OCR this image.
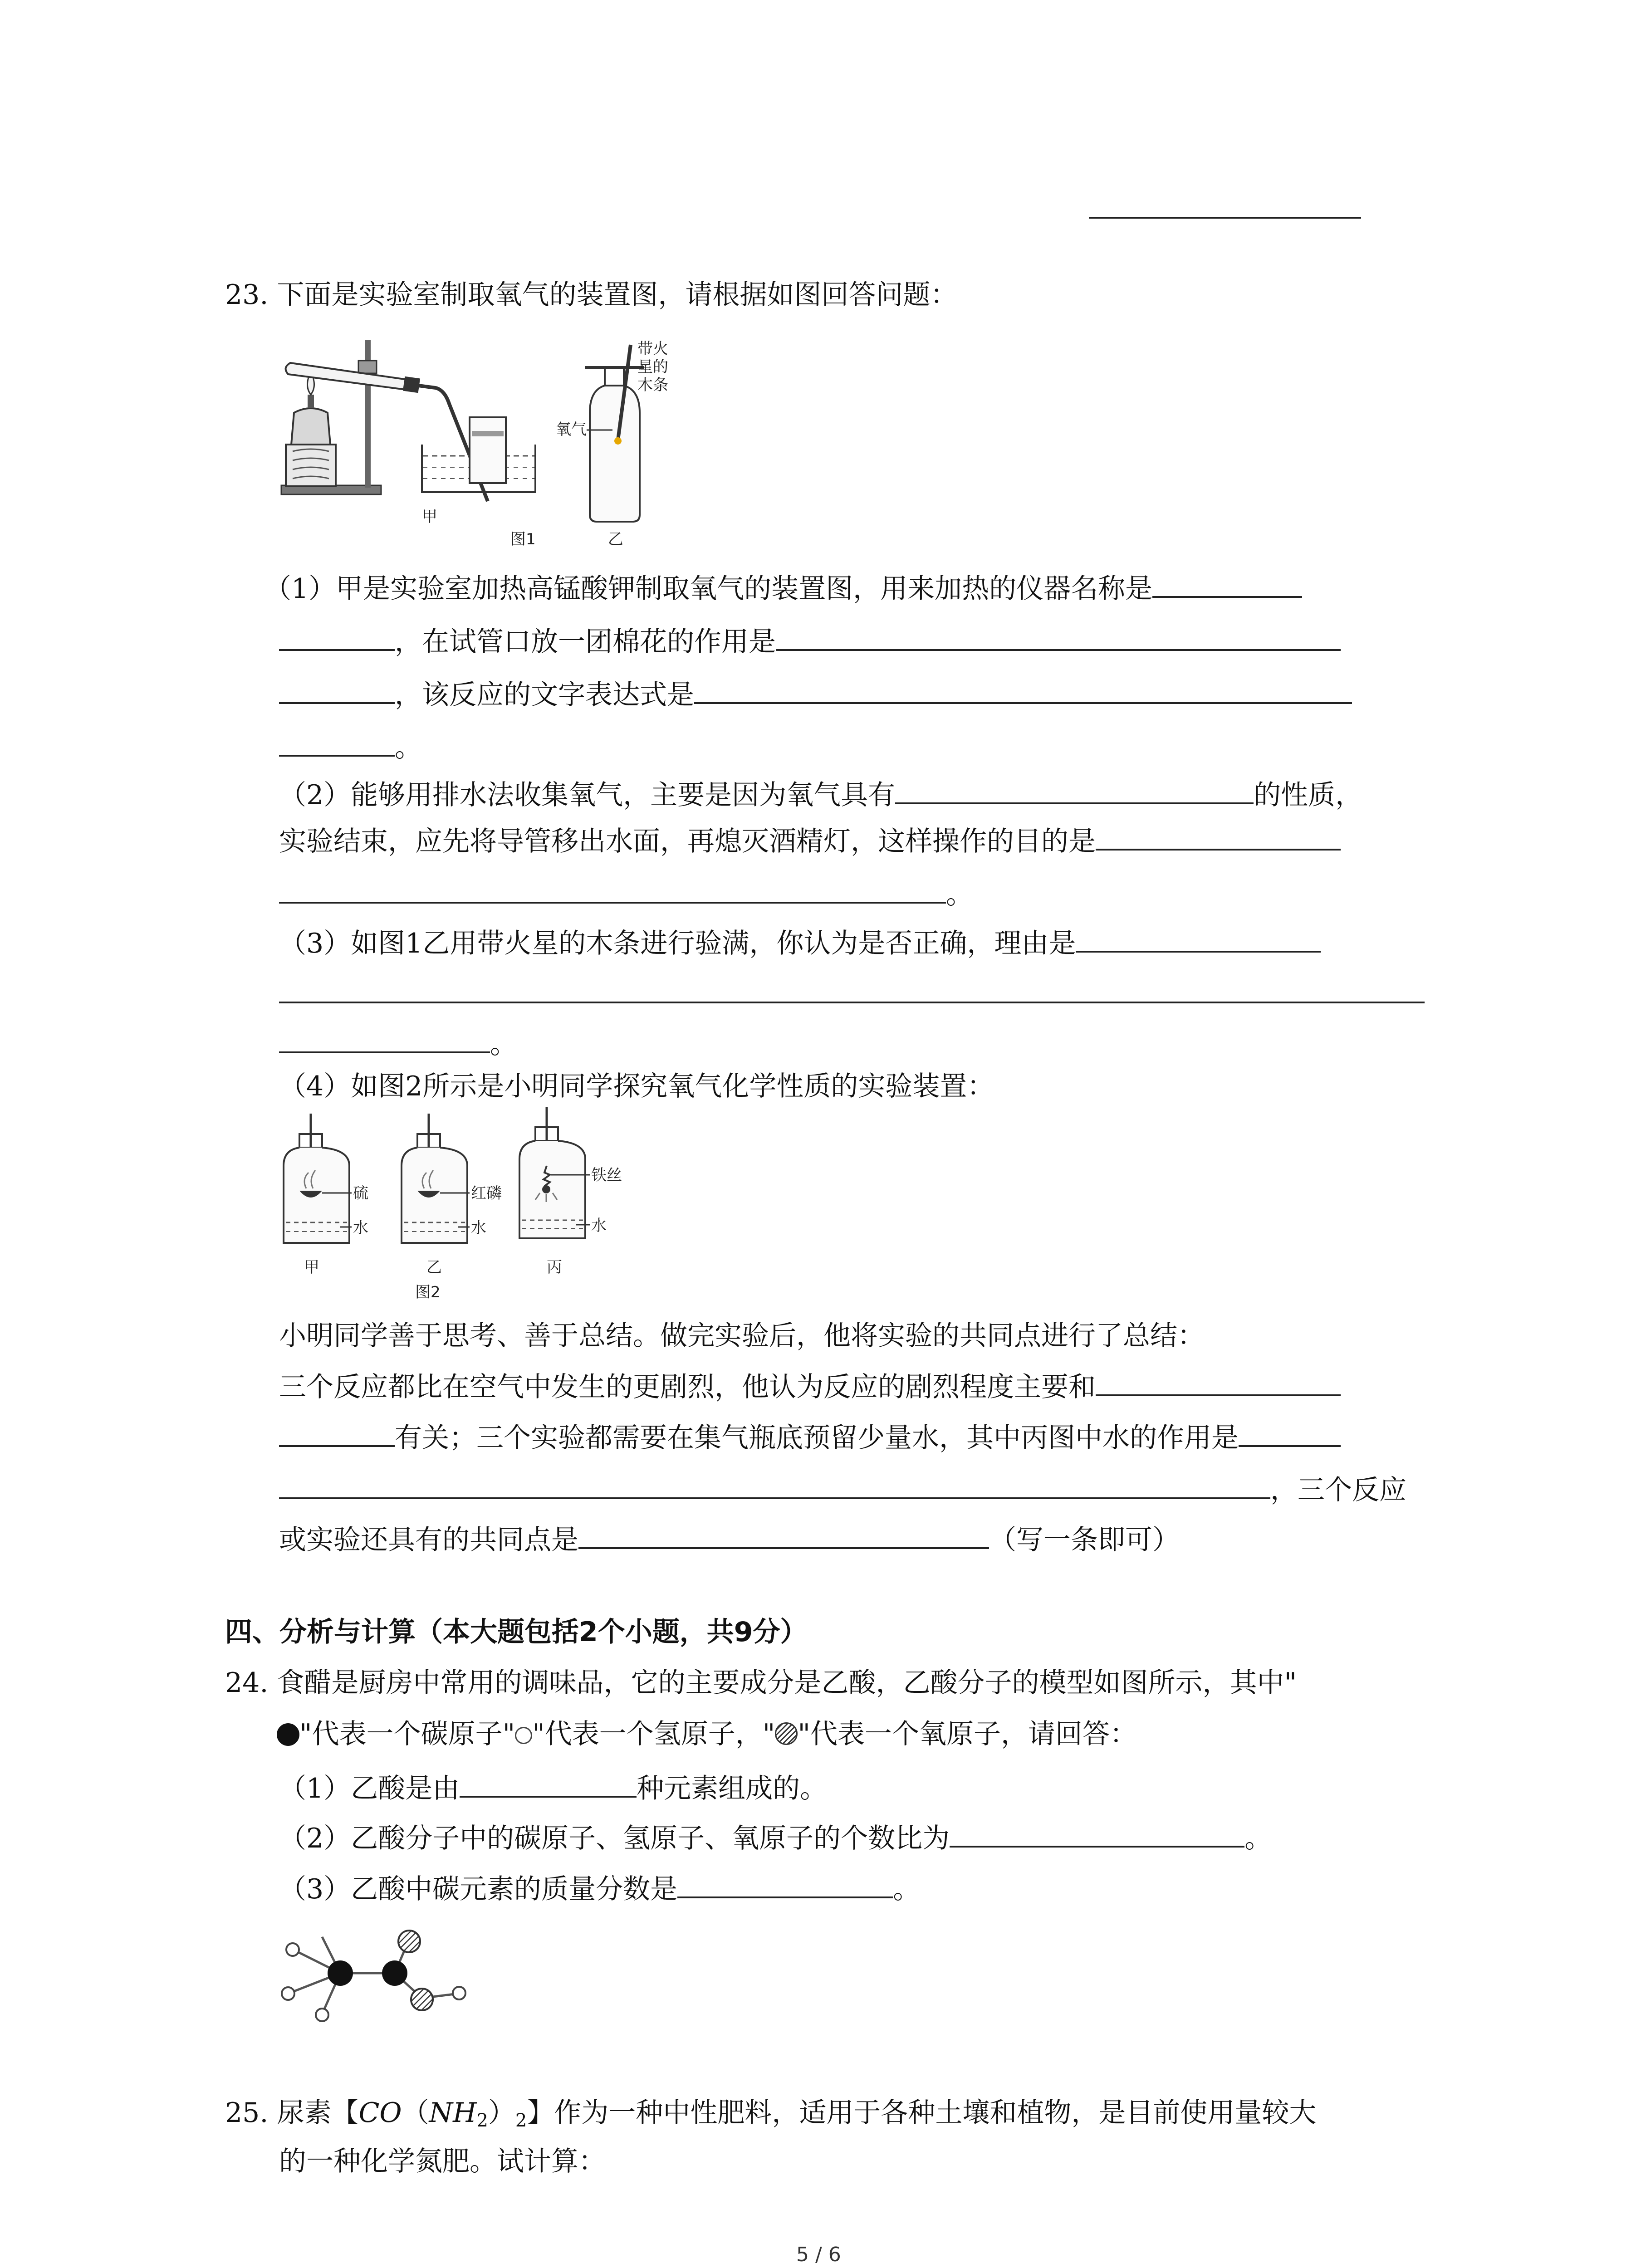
23. 下面是实验室制取氧气的装置图，请根据如图回答问题：
氧气
带火
星的
木条
甲
乙
图1
（1）甲是实验室加热高锰酸钾制取氧气的装置图，用来加热的仪器名称是
，在试管口放一团棉花的作用是
，该反应的文字表达式是
。
（2）能够用排水法收集氧气，主要是因为氧气具有	的性质，
实验结束，应先将导管移出水面，再熄灭酒精灯，这样操作的目的是
。
（3）如图1乙用带火星的木条进行验满，你认为是否正确，理由是
。
（4）如图2所示是小明同学探究氧气化学性质的实验装置：
硫
水
红磷
水
铁丝
水
甲	乙	丙
图2
小明同学善于思考、善于总结。做完实验后，他将实验的共同点进行了总结：
三个反应都比在空气中发生的更剧烈，他认为反应的剧烈程度主要和
有关；三个实验都需要在集气瓶底预留少量水，其中丙图中水的作用是
，三个反应
或实验还具有的共同点是	（写一条即可）
四、分析与计算（本大题包括2个小题，共9分）
24. 食醋是厨房中常用的调味品，它的主要成分是乙酸，乙酸分子的模型如图所示，其中"
"代表一个碳原子" "代表一个氢原子，" "代表一个氧原子，请回答：
（1）乙酸是由	种元素组成的。
（2）乙酸分子中的碳原子、氢原子、氧原子的个数比为	。
（3）乙酸中碳元素的质量分数是	。
25. 尿素【$CO(NH_2)_2$】作为一种中性肥料，适用于各种土壤和植物，是目前使用量较大
的一种化学氮肥。试计算：
5 / 6
